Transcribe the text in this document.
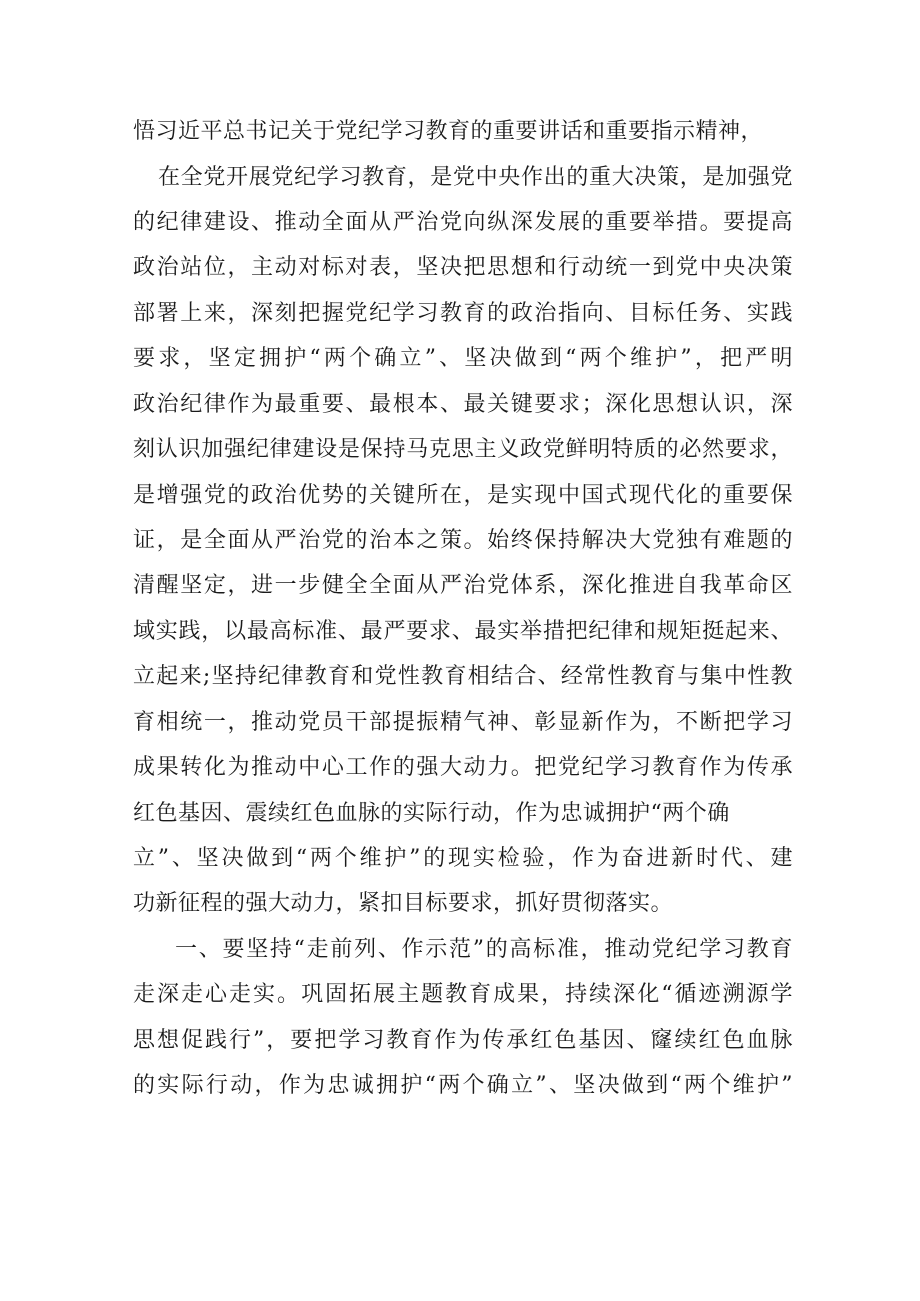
悟习近平总书记关于党纪学习教育的重要讲话和重要指示精神，
在全党开展党纪学习教育，是党中央作出的重大决策，是加强党
的纪律建设、推动全面从严治党向纵深发展的重要举措。要提高
政治站位，主动对标对表，坚决把思想和行动统一到党中央决策
部署上来，深刻把握党纪学习教育的政治指向、目标任务、实践
要求，坚定拥护“两个确立”、坚决做到“两个维护”，把严明
政治纪律作为最重要、最根本、最关键要求；深化思想认识，深
刻认识加强纪律建设是保持马克思主义政党鲜明特质的必然要求，
是增强党的政治优势的关键所在，是实现中国式现代化的重要保
证，是全面从严治党的治本之策。始终保持解决大党独有难题的
清醒坚定，进一步健全全面从严治党体系，深化推进自我革命区
域实践，以最高标准、最严要求、最实举措把纪律和规矩挺起来、
立起来;坚持纪律教育和党性教育相结合、经常性教育与集中性教
育相统一，推动党员干部提振精气神、彰显新作为，不断把学习
成果转化为推动中心工作的强大动力。把党纪学习教育作为传承
红色基因、震续红色血脉的实际行动，作为忠诚拥护“两个确
立”、坚决做到“两个维护”的现实检验，作为奋进新时代、建
功新征程的强大动力，紧扣目标要求，抓好贯彻落实。
一、要坚持“走前列、作示范”的高标准，推动党纪学习教育
走深走心走实。巩固拓展主题教育成果，持续深化“循迹溯源学
思想促践行”，要把学习教育作为传承红色基因、窿续红色血脉
的实际行动，作为忠诚拥护“两个确立”、坚决做到“两个维护”
